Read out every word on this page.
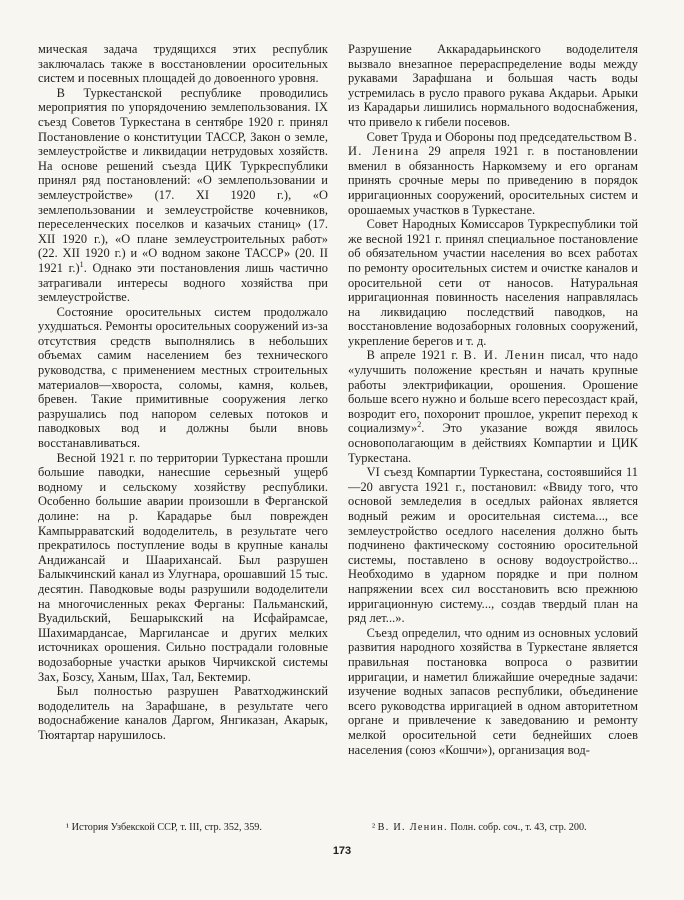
мическая задача трудящихся этих республик заключалась также в восстановлении оросительных систем и посевных площадей до довоенного уровня.

В Туркестанской республике проводились мероприятия по упорядочению землепользования. IX съезд Советов Туркестана в сентябре 1920 г. принял Постановление о конституции ТАССР, Закон о земле, землеустройстве и ликвидации нетрудовых хозяйств. На основе решений съезда ЦИК Туркреспублики принял ряд постановлений: «О землепользовании и землеустройстве» (17. XI 1920 г.), «О землепользовании и землеустройстве кочевников, переселенческих поселков и казачьих станиц» (17. XII 1920 г.), «О плане землеустроительных работ» (22. XII 1920 г.) и «О водном законе ТАССР» (20. II 1921 г.)$^1$. Однако эти постановления лишь частично затрагивали интересы водного хозяйства при землеустройстве.

Состояние оросительных систем продолжало ухудшаться. Ремонты оросительных сооружений из-за отсутствия средств выполнялись в небольших объемах самим населением без технического руководства, с применением местных строительных материалов—хвороста, соломы, камня, кольев, бревен. Такие примитивные сооружения легко разрушались под напором селевых потоков и паводковых вод и должны были вновь восстанавливаться.

Весной 1921 г. по территории Туркестана прошли большие паводки, нанесшие серьезный ущерб водному и сельскому хозяйству республики. Особенно большие аварии произошли в Ферганской долине: на р. Карадарье был поврежден Кампырраватский вододелитель, в результате чего прекратилось поступление воды в крупные каналы Андижансай и Шаарихансай. Был разрушен Балыкчинский канал из Улугнара, орошавший 15 тыс. десятин. Паводковые воды разрушили вододелители на многочисленных реках Ферганы: Пальманский, Вуадильский, Бешарыкский на Исфайрамсае, Шахимардансае, Маргилансае и других мелких источниках орошения. Сильно пострадали головные водозаборные участки арыков Чирчикской системы Зах, Бозсу, Ханым, Шах, Тал, Бектемир.

Был полностью разрушен Раватходжинский вододелитель на Зарафшане, в результате чего водоснабжение каналов Даргом, Янгиказан, Акарык, Тюятартар нарушилось.

Разрушение Аккарадарьинского вододелителя вызвало внезапное перераспределение воды между рукавами Зарафшана и большая часть воды устремилась в русло правого рукава Акдарьи. Арыки из Карадарьи лишились нормального водоснабжения, что привело к гибели посевов.

Совет Труда и Обороны под председательством В. И. Ленина 29 апреля 1921 г. в постановлении вменил в обязанность Наркомзему и его органам принять срочные меры по приведению в порядок ирригационных сооружений, оросительных систем и орошаемых участков в Туркестане.

Совет Народных Комиссаров Туркреспублики той же весной 1921 г. принял специальное постановление об обязательном участии населения во всех работах по ремонту оросительных систем и очистке каналов и оросительной сети от наносов. Натуральная ирригационная повинность населения направлялась на ликвидацию последствий паводков, на восстановление водозаборных головных сооружений, укрепление берегов и т. д.

В апреле 1921 г. В. И. Ленин писал, что надо «улучшить положение крестьян и начать крупные работы электрификации, орошения. Орошение больше всего нужно и больше всего пересоздаст край, возродит его, похоронит прошлое, укрепит переход к социализму»$^2$. Это указание вождя явилось основополагающим в действиях Компартии и ЦИК Туркестана.

VI съезд Компартии Туркестана, состоявшийся 11—20 августа 1921 г., постановил: «Ввиду того, что основой земледелия в оседлых районах является водный режим и оросительная система..., все землеустройство оседлого населения должно быть подчинено фактическому состоянию оросительной системы, поставлено в основу водоустройство... Необходимо в ударном порядке и при полном напряжении всех сил восстановить всю прежнюю ирригационную систему..., создав твердый план на ряд лет...».

Съезд определил, что одним из основных условий развития народного хозяйства в Туркестане является правильная постановка вопроса о развитии ирригации, и наметил ближайшие очередные задачи: изучение водных запасов республики, объединение всего руководства ирригацией в одном авторитетном органе и привлечение к заведованию и ремонту мелкой оросительной сети беднейших слоев населения (союз «Кошчи»), организация вод-

¹ История Узбекской ССР, т. III, стр. 352, 359.	² В. И. Ленин. Полн. собр. соч., т. 43, стр. 200.
173
